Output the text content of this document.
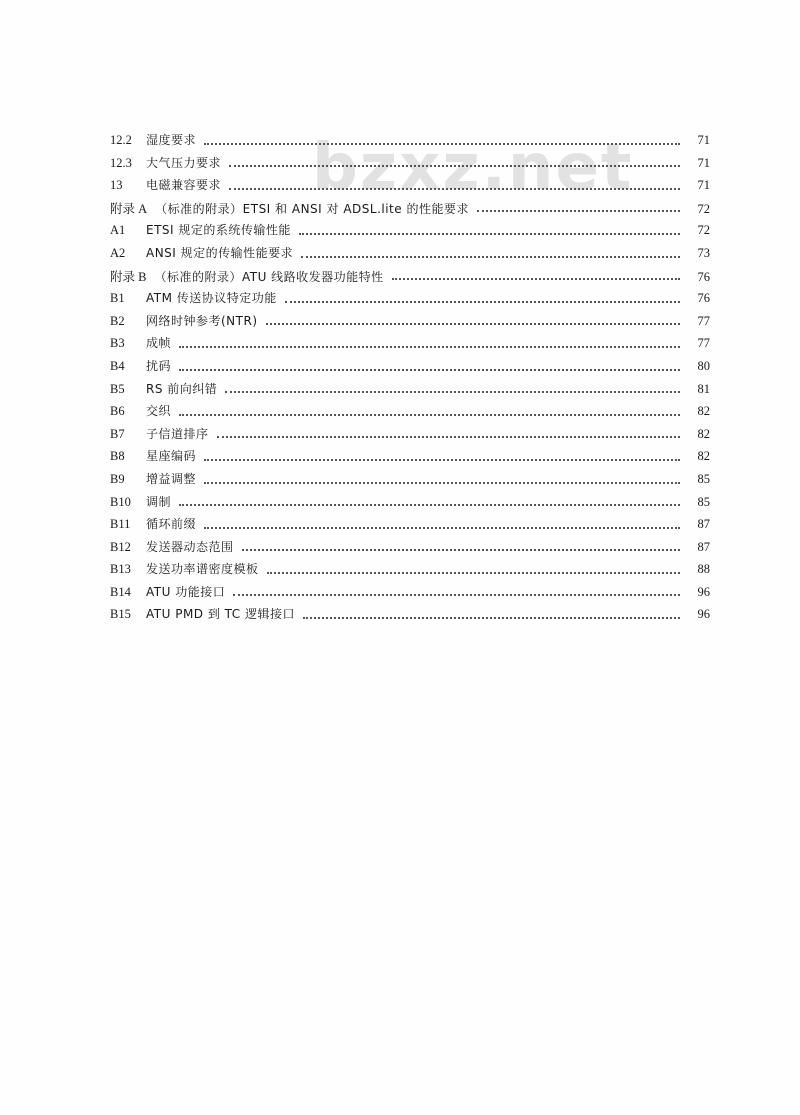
bzxz.net
12.2	湿度要求	71
12.3	大气压力要求	71
13	电磁兼容要求	71
附录 A （标准的附录）ETSI 和 ANSI 对 ADSL.lite 的性能要求	72
A1	ETSI 规定的系统传输性能	72
A2	ANSI 规定的传输性能要求	73
附录 B （标准的附录）ATU 线路收发器功能特性	76
B1	ATM 传送协议特定功能	76
B2	网络时钟参考(NTR)	77
B3	成帧	77
B4	扰码	80
B5	RS 前向纠错	81
B6	交织	82
B7	子信道排序	82
B8	星座编码	82
B9	增益调整	85
B10	调制	85
B11	循环前缀	87
B12	发送器动态范围	87
B13	发送功率谱密度模板	88
B14	ATU 功能接口	96
B15	ATU PMD 到 TC 逻辑接口	96
